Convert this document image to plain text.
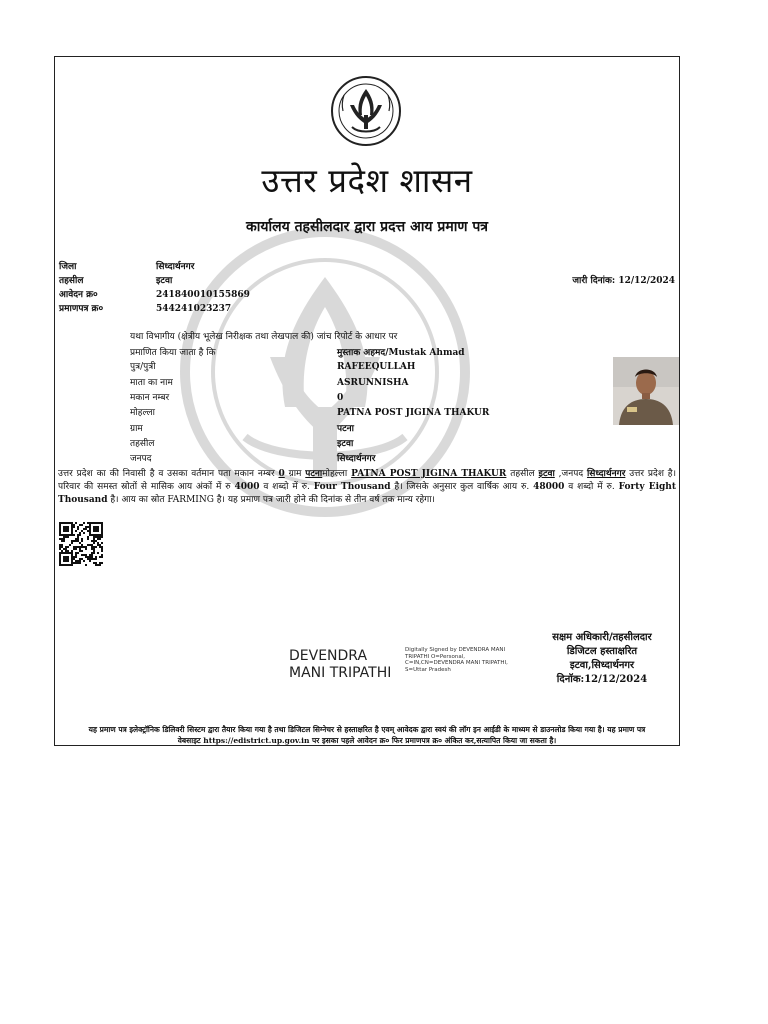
उत्तर प्रदेश शासन
कार्यालय तहसीलदार द्वारा प्रदत्त आय प्रमाण पत्र
जिला	सिध्दार्थनगर
तहसील	इटवा
आवेदन क्र०	241840010155869
प्रमाणपत्र क्र०	544241023237
जारी दिनांक: 12/12/2024
यथा विभागीय (क्षेत्रीय भूलेख निरीक्षक तथा लेखपाल की) जांच रिपोर्ट के आधार पर
प्रमाणित किया जाता है कि	मुस्ताक अहमद/Mustak Ahmad
पुत्र/पुत्री	RAFEEQULLAH
माता का नाम	ASRUNNISHA
मकान नम्बर	0
मोहल्ला	PATNA POST JIGINA THAKUR
ग्राम	पटना
तहसील	इटवा
जनपद	सिध्दार्थनगर
उत्तर प्रदेश का की निवासी है व उसका वर्तमान पता मकान नम्बर 0 ग्राम पटनामोहल्ला PATNA POST JIGINA THAKUR तहसील इटवा ,जनपद सिध्दार्थनगर उत्तर प्रदेश है। परिवार की समस्त स्रोतों से मासिक आय अंकों में रु 4000 व शब्दो में रु. Four Thousand है। जिसके अनुसार कुल वार्षिक आय रु. 48000 व शब्दो में रु. Forty Eight Thousand है। आय का स्रोत FARMING है। यह प्रमाण पत्र जारी होने की दिनांक से तीन वर्ष तक मान्य रहेगा।
DEVENDRA
MANI TRIPATHI
Digitally Signed by DEVENDRA MANI
TRIPATHI O=Personal,
C=IN,CN=DEVENDRA MANI TRIPATHI,
S=Uttar Pradesh
सक्षम अधिकारी/तहसीलदार
डिजिटल हस्ताक्षरित
इटवा,सिध्दार्थनगर
दिनॉक:12/12/2024
यह प्रमाण पत्र इलेक्ट्रॉनिक डिलिवरी सिस्टम द्वारा तैयार किया गया है तथा डिजिटल सिग्नेचर से हस्ताक्षरित है एवम् आवेदक द्वारा स्वयं की लॉग इन आईडी के माध्यम से डाउनलोड किया गया है। यह प्रमाण पत्र
वेबसाइट https://edistrict.up.gov.in पर इसका पहले आवेदन क्र० फिर प्रमाणपत्र क्र० अंकित कर,सत्यापित किया जा सकता है।
